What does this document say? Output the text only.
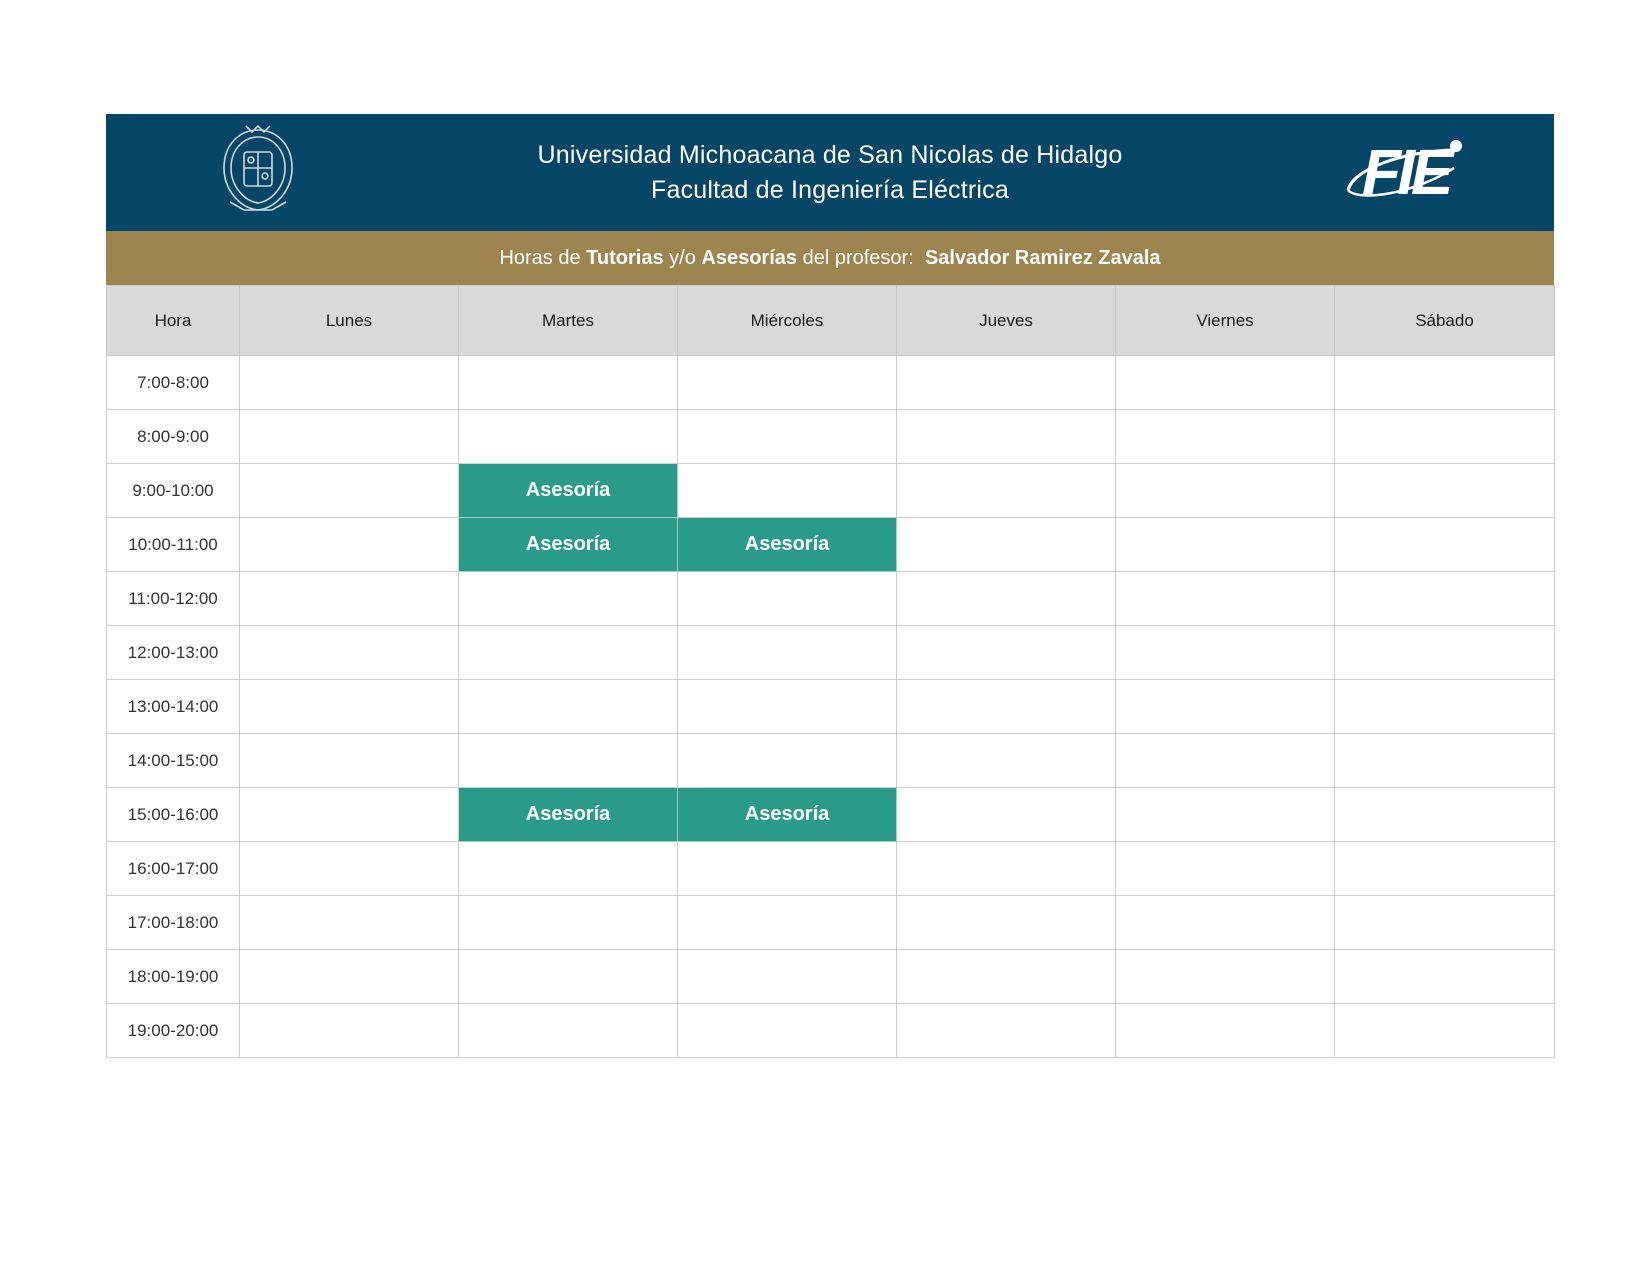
Universidad Michoacana de San Nicolas de Hidalgo
Facultad de Ingeniería Eléctrica	FIE
Horas de Tutorias y/o Asesorías del profesor: Salvador Ramirez Zavala
Hora	Lunes	Martes	Miércoles	Jueves	Viernes	Sábado
7:00-8:00						
8:00-9:00						
9:00-10:00		Asesoría				
10:00-11:00		Asesoría	Asesoría			
11:00-12:00						
12:00-13:00						
13:00-14:00						
14:00-15:00						
15:00-16:00		Asesoría	Asesoría			
16:00-17:00						
17:00-18:00						
18:00-19:00						
19:00-20:00						
